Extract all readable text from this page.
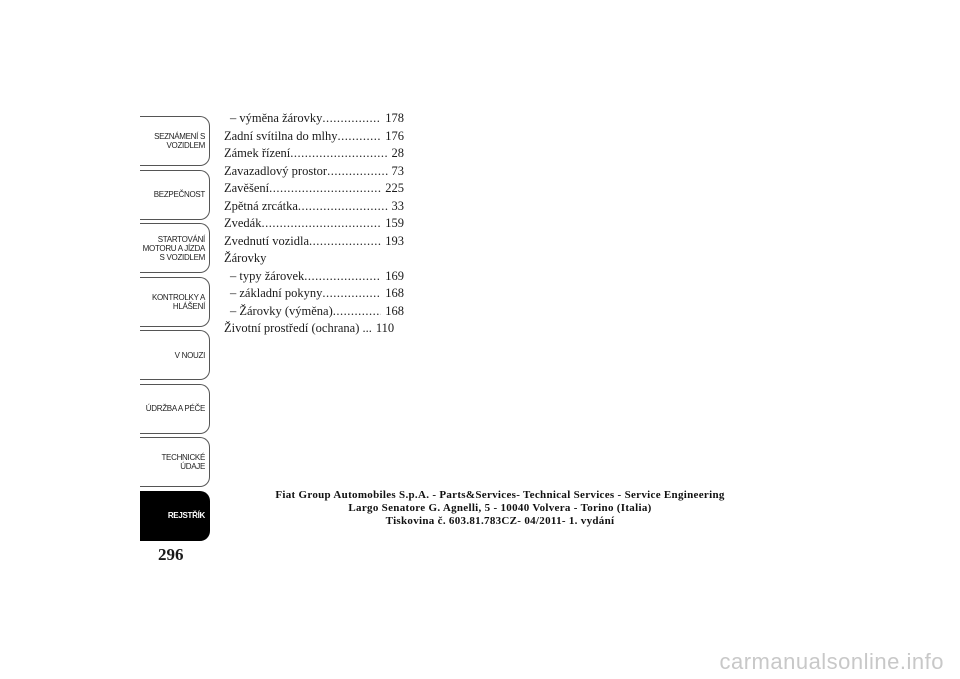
SEZNÁMENÍ S
VOZIDLEM
BEZPEČNOST
STARTOVÁNÍ
MOTORU A JÍZDA
S VOZIDLEM
KONTROLKY A
HLÁŠENÍ
V NOUZI
ÚDRŽBA A PÉČE
TECHNICKÉ
ÚDAJE
REJSTŘÍK
296
– výměna žárovky .....	178
Zadní svítilna do mlhy .....	176
Zámek řízení .....	28
Zavazadlový prostor .....	73
Zavěšení .....	225
Zpětná zrcátka .....	33
Zvedák .....	159
Zvednutí vozidla .....	193
Žárovky
– typy žárovek .....	169
– základní pokyny .....	168
– Žárovky (výměna) .....	168
Životní prostředí (ochrana) ... 110
Fiat Group Automobiles S.p.A. - Parts&Services- Technical Services - Service Engineering
Largo Senatore G. Agnelli, 5 - 10040 Volvera - Torino (Italia)
Tiskovina č. 603.81.783CZ- 04/2011- 1. vydání
carmanualsonline.info
